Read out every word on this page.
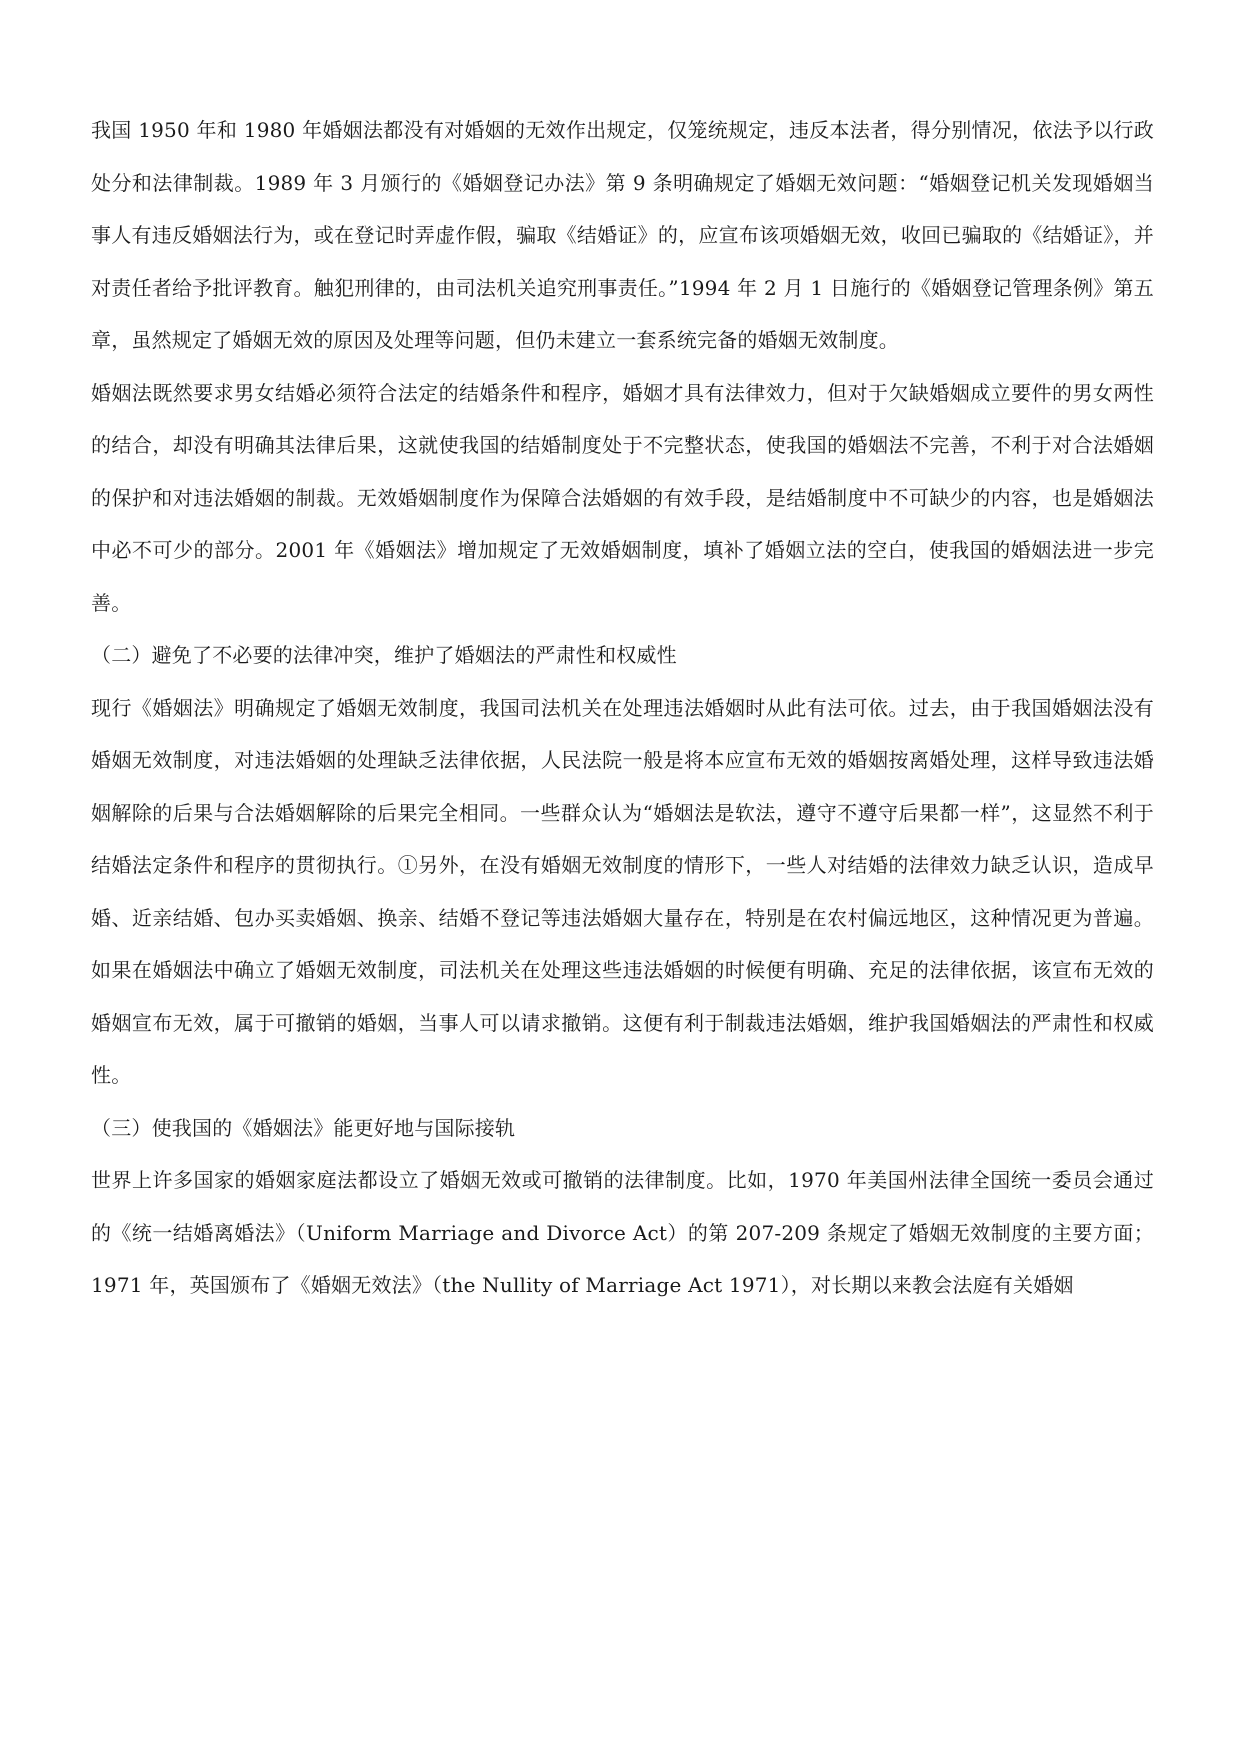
我国 1950 年和 1980 年婚姻法都没有对婚姻的无效作出规定，仅笼统规定，违反本法者，得分别情况，依法予以行政处分和法律制裁。1989 年 3 月颁行的《婚姻登记办法》第 9 条明确规定了婚姻无效问题：“婚姻登记机关发现婚姻当事人有违反婚姻法行为，或在登记时弄虚作假，骗取《结婚证》的，应宣布该项婚姻无效，收回已骗取的《结婚证》，并对责任者给予批评教育。触犯刑律的，由司法机关追究刑事责任。”1994 年 2 月 1 日施行的《婚姻登记管理条例》第五章，虽然规定了婚姻无效的原因及处理等问题，但仍未建立一套系统完备的婚姻无效制度。

婚姻法既然要求男女结婚必须符合法定的结婚条件和程序，婚姻才具有法律效力，但对于欠缺婚姻成立要件的男女两性的结合，却没有明确其法律后果，这就使我国的结婚制度处于不完整状态，使我国的婚姻法不完善，不利于对合法婚姻的保护和对违法婚姻的制裁。无效婚姻制度作为保障合法婚姻的有效手段，是结婚制度中不可缺少的内容，也是婚姻法中必不可少的部分。2001 年《婚姻法》增加规定了无效婚姻制度，填补了婚姻立法的空白，使我国的婚姻法进一步完善。

（二）避免了不必要的法律冲突，维护了婚姻法的严肃性和权威性

现行《婚姻法》明确规定了婚姻无效制度，我国司法机关在处理违法婚姻时从此有法可依。过去，由于我国婚姻法没有婚姻无效制度，对违法婚姻的处理缺乏法律依据，人民法院一般是将本应宣布无效的婚姻按离婚处理，这样导致违法婚姻解除的后果与合法婚姻解除的后果完全相同。一些群众认为“婚姻法是软法，遵守不遵守后果都一样”，这显然不利于结婚法定条件和程序的贯彻执行。①另外，在没有婚姻无效制度的情形下，一些人对结婚的法律效力缺乏认识，造成早婚、近亲结婚、包办买卖婚姻、换亲、结婚不登记等违法婚姻大量存在，特别是在农村偏远地区，这种情况更为普遍。如果在婚姻法中确立了婚姻无效制度，司法机关在处理这些违法婚姻的时候便有明确、充足的法律依据，该宣布无效的婚姻宣布无效，属于可撤销的婚姻，当事人可以请求撤销。这便有利于制裁违法婚姻，维护我国婚姻法的严肃性和权威性。

（三）使我国的《婚姻法》能更好地与国际接轨

世界上许多国家的婚姻家庭法都设立了婚姻无效或可撤销的法律制度。比如，1970 年美国州法律全国统一委员会通过的《统一结婚离婚法》（Uniform Marriage and Divorce Act）的第 207-209 条规定了婚姻无效制度的主要方面；1971 年，英国颁布了《婚姻无效法》（the Nullity of Marriage Act 1971），对长期以来教会法庭有关婚姻
